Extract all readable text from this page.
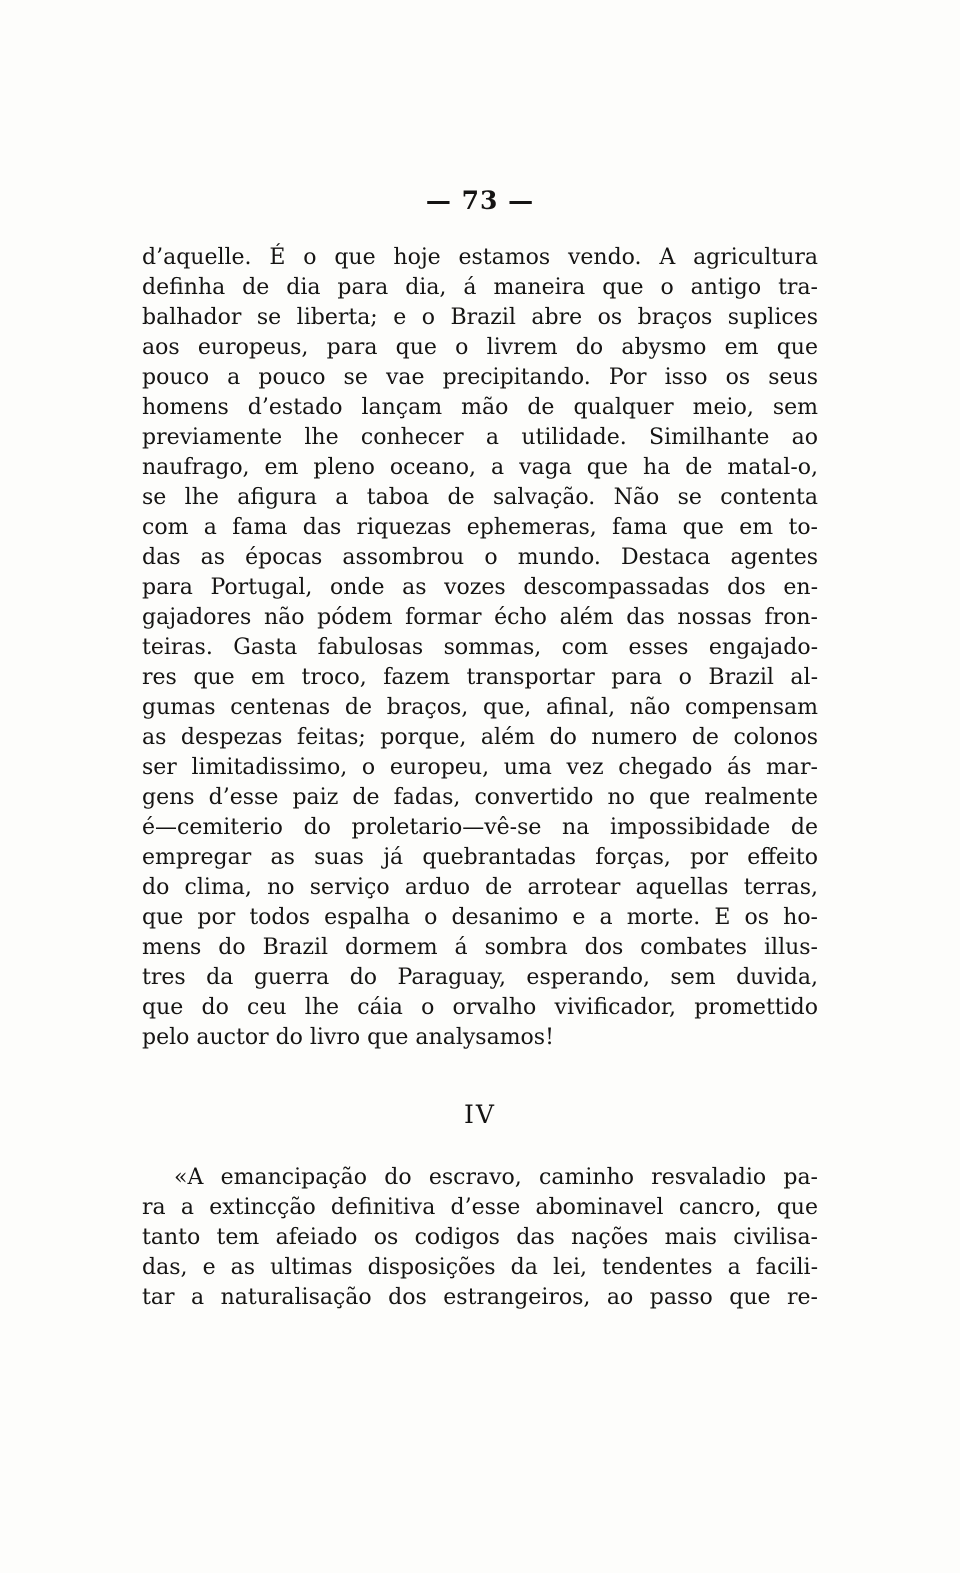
— 73 —
d’aquelle. É o que hoje estamos vendo. A agricultura
definha de dia para dia, á maneira que o antigo tra-
balhador se liberta; e o Brazil abre os braços suplices
aos europeus, para que o livrem do abysmo em que
pouco a pouco se vae precipitando. Por isso os seus
homens d’estado lançam mão de qualquer meio, sem
previamente lhe conhecer a utilidade. Similhante ao
naufrago, em pleno oceano, a vaga que ha de matal-o,
se lhe afigura a taboa de salvação. Não se contenta
com a fama das riquezas ephemeras, fama que em to-
das as épocas assombrou o mundo. Destaca agentes
para Portugal, onde as vozes descompassadas dos en-
gajadores não pódem formar écho além das nossas fron-
teiras. Gasta fabulosas sommas, com esses engajado-
res que em troco, fazem transportar para o Brazil al-
gumas centenas de braços, que, afinal, não compensam
as despezas feitas; porque, além do numero de colonos
ser limitadissimo, o europeu, uma vez chegado ás mar-
gens d’esse paiz de fadas, convertido no que realmente
é—cemiterio do proletario—vê-se na impossibidade de
empregar as suas já quebrantadas forças, por effeito
do clima, no serviço arduo de arrotear aquellas terras,
que por todos espalha o desanimo e a morte. E os ho-
mens do Brazil dormem á sombra dos combates illus-
tres da guerra do Paraguay, esperando, sem duvida,
que do ceu lhe cáia o orvalho vivificador, promettido
pelo auctor do livro que analysamos!
IV
«A emancipação do escravo, caminho resvaladio pa-
ra a extincção definitiva d’esse abominavel cancro, que
tanto tem afeiado os codigos das nações mais civilisa-
das, e as ultimas disposições da lei, tendentes a facili-
tar a naturalisação dos estrangeiros, ao passo que re-
